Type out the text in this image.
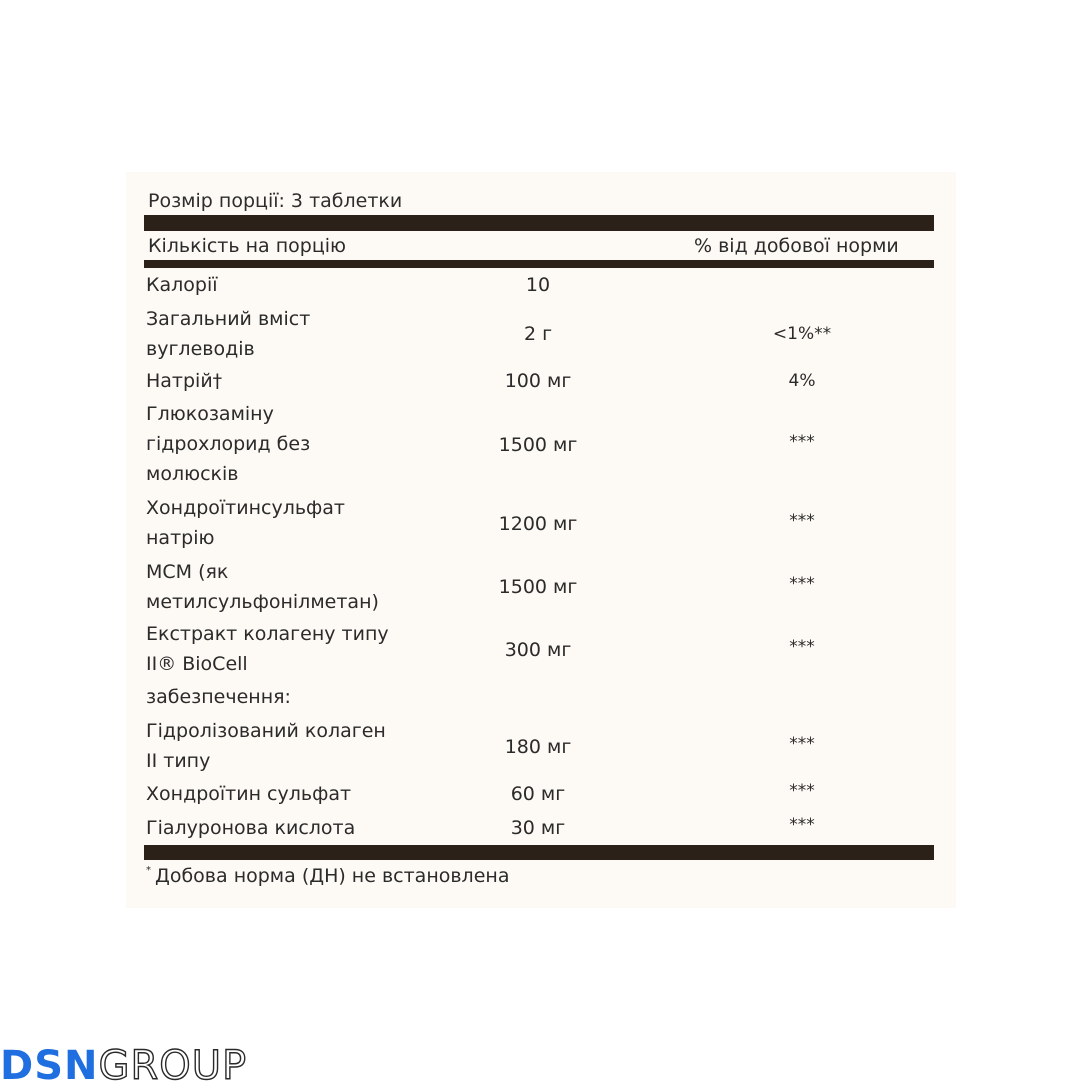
Розмір порції: 3 таблетки
Кількість на порцію	% від добової норми
Калорії	10
Загальний вміст
вуглеводів
2 г	<1%**
Натрій†	100 мг	4%
Глюкозаміну
гідрохлорид без
молюсків
1500 мг	***
Хондроїтинсульфат
натрію
1200 мг	***
МСМ (як
метилсульфонілметан)
1500 мг	***
Екстракт колагену типу
II® BioCell
300 мг	***
забезпечення:
Гідролізований колаген
II типу
180 мг	***
Хондроїтин сульфат	60 мг	***
Гіалуронова кислота	30 мг	***
* Добова норма (ДН) не встановлена
DSNGROUP
